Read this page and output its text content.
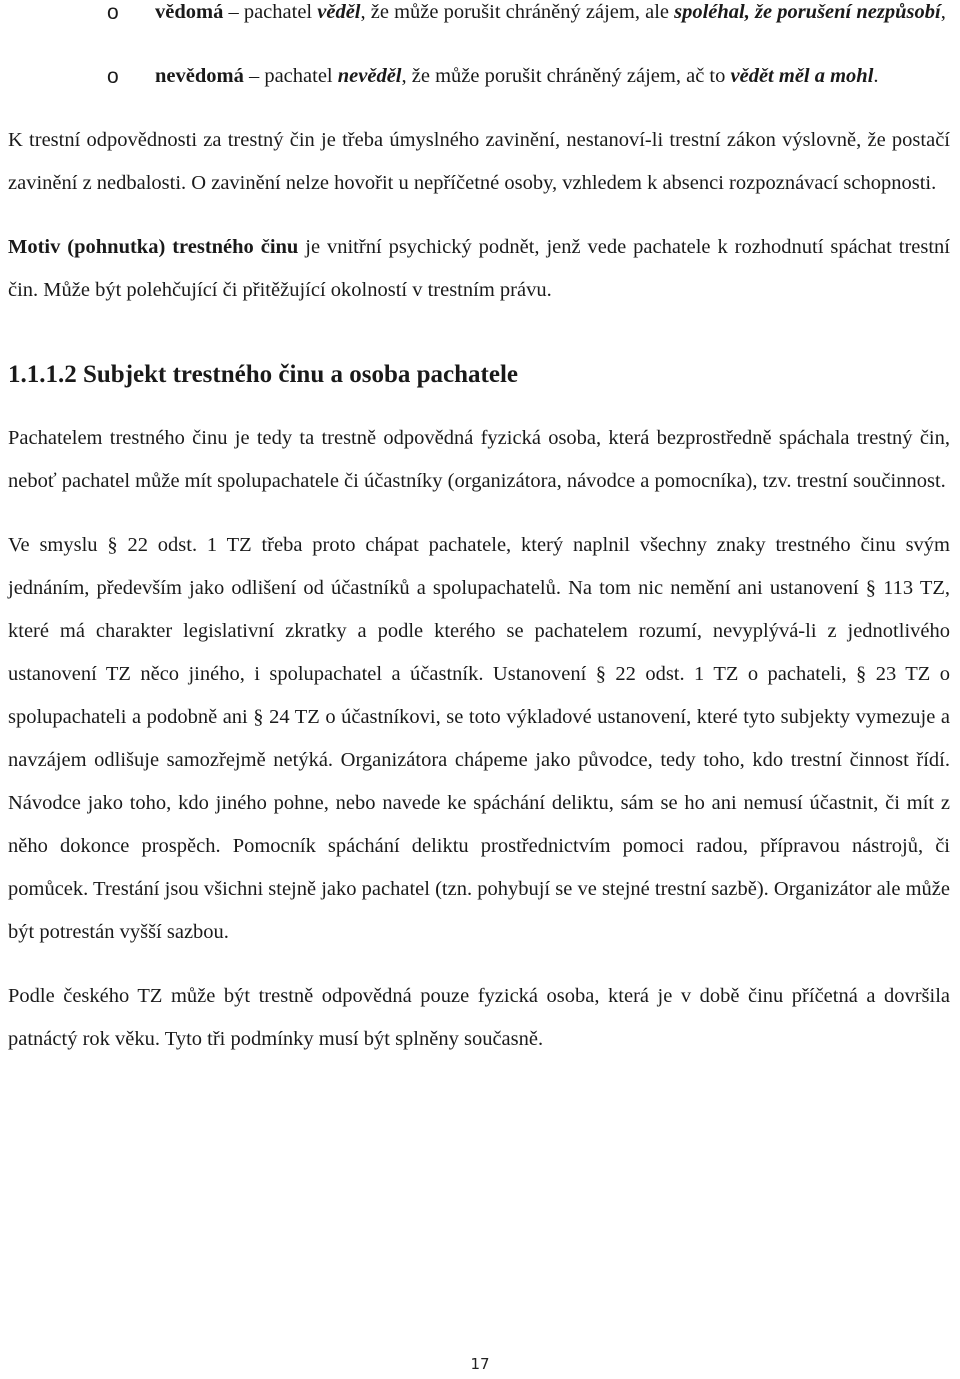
o vědomá – pachatel věděl, že může porušit chráněný zájem, ale spoléhal, že porušení nezpůsobí,
o nevědomá – pachatel nevěděl, že může porušit chráněný zájem, ač to vědět měl a mohl.

K trestní odpovědnosti za trestný čin je třeba úmyslného zavinění, nestanoví-li trestní zákon výslovně, že postačí zavinění z nedbalosti. O zavinění nelze hovořit u nepříčetné osoby, vzhledem k absenci rozpoznávací schopnosti.

Motiv (pohnutka) trestného činu je vnitřní psychický podnět, jenž vede pachatele k rozhodnutí spáchat trestní čin. Může být polehčující či přitěžující okolností v trestním právu.

1.1.1.2 Subjekt trestného činu a osoba pachatele

Pachatelem trestného činu je tedy ta trestně odpovědná fyzická osoba, která bezprostředně spáchala trestný čin, neboť pachatel může mít spolupachatele či účastníky (organizátora, návodce a pomocníka), tzv. trestní součinnost.

Ve smyslu § 22 odst. 1 TZ třeba proto chápat pachatele, který naplnil všechny znaky trestného činu svým jednáním, především jako odlišení od účastníků a spolupachatelů. Na tom nic nemění ani ustanovení § 113 TZ, které má charakter legislativní zkratky a podle kterého se pachatelem rozumí, nevyplývá-li z jednotlivého ustanovení TZ něco jiného, i spolupachatel a účastník. Ustanovení § 22 odst. 1 TZ o pachateli, § 23 TZ o spolupachateli a podobně ani § 24 TZ o účastníkovi, se toto výkladové ustanovení, které tyto subjekty vymezuje a navzájem odlišuje samozřejmě netýká. Organizátora chápeme jako původce, tedy toho, kdo trestní činnost řídí. Návodce jako toho, kdo jiného pohne, nebo navede ke spáchání deliktu, sám se ho ani nemusí účastnit, či mít z něho dokonce prospěch. Pomocník spáchání deliktu prostřednictvím pomoci radou, přípravou nástrojů, či pomůcek. Trestání jsou všichni stejně jako pachatel (tzn. pohybují se ve stejné trestní sazbě). Organizátor ale může být potrestán vyšší sazbou.

Podle českého TZ může být trestně odpovědná pouze fyzická osoba, která je v době činu příčetná a dovršila patnáctý rok věku. Tyto tři podmínky musí být splněny současně.

17
